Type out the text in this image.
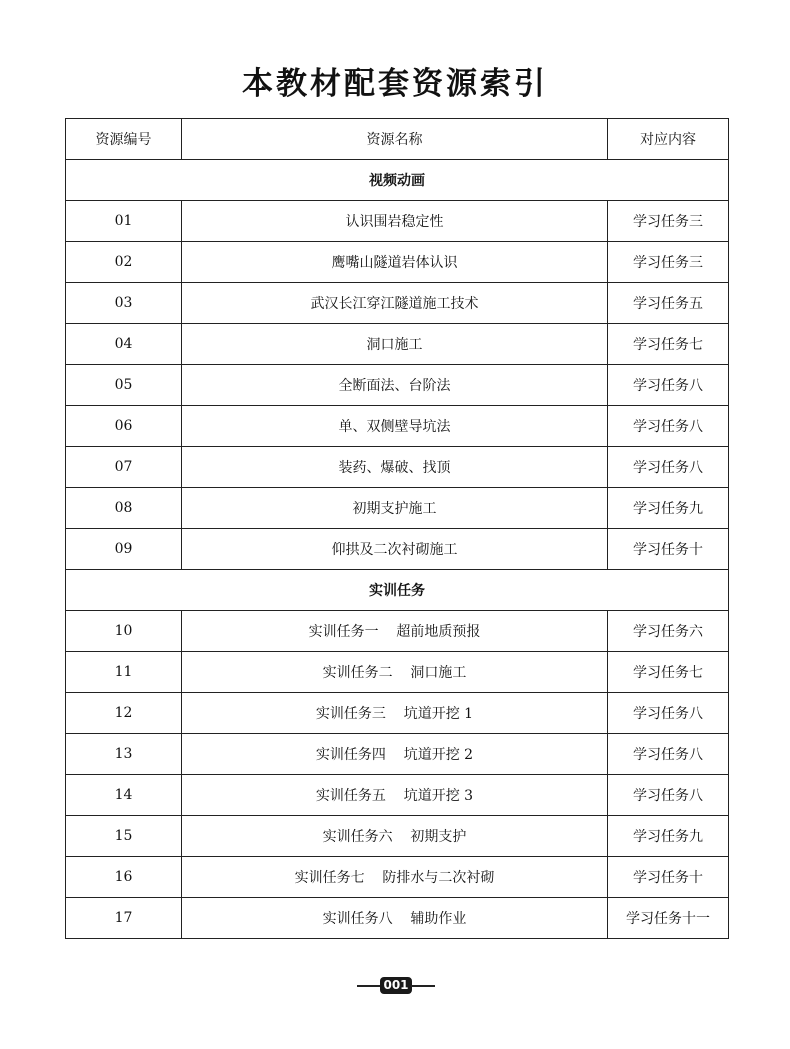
本教材配套资源索引
资源编号	资源名称	对应内容
视频动画		
01	认识围岩稳定性	学习任务三
02	鹰嘴山隧道岩体认识	学习任务三
03	武汉长江穿江隧道施工技术	学习任务五
04	洞口施工	学习任务七
05	全断面法、台阶法	学习任务八
06	单、双侧壁导坑法	学习任务八
07	装药、爆破、找顶	学习任务八
08	初期支护施工	学习任务九
09	仰拱及二次衬砌施工	学习任务十
实训任务		
10	实训任务一    超前地质预报	学习任务六
11	实训任务二    洞口施工	学习任务七
12	实训任务三    坑道开挖 1	学习任务八
13	实训任务四    坑道开挖 2	学习任务八
14	实训任务五    坑道开挖 3	学习任务八
15	实训任务六    初期支护	学习任务九
16	实训任务七    防排水与二次衬砌	学习任务十
17	实训任务八    辅助作业	学习任务十一
001
